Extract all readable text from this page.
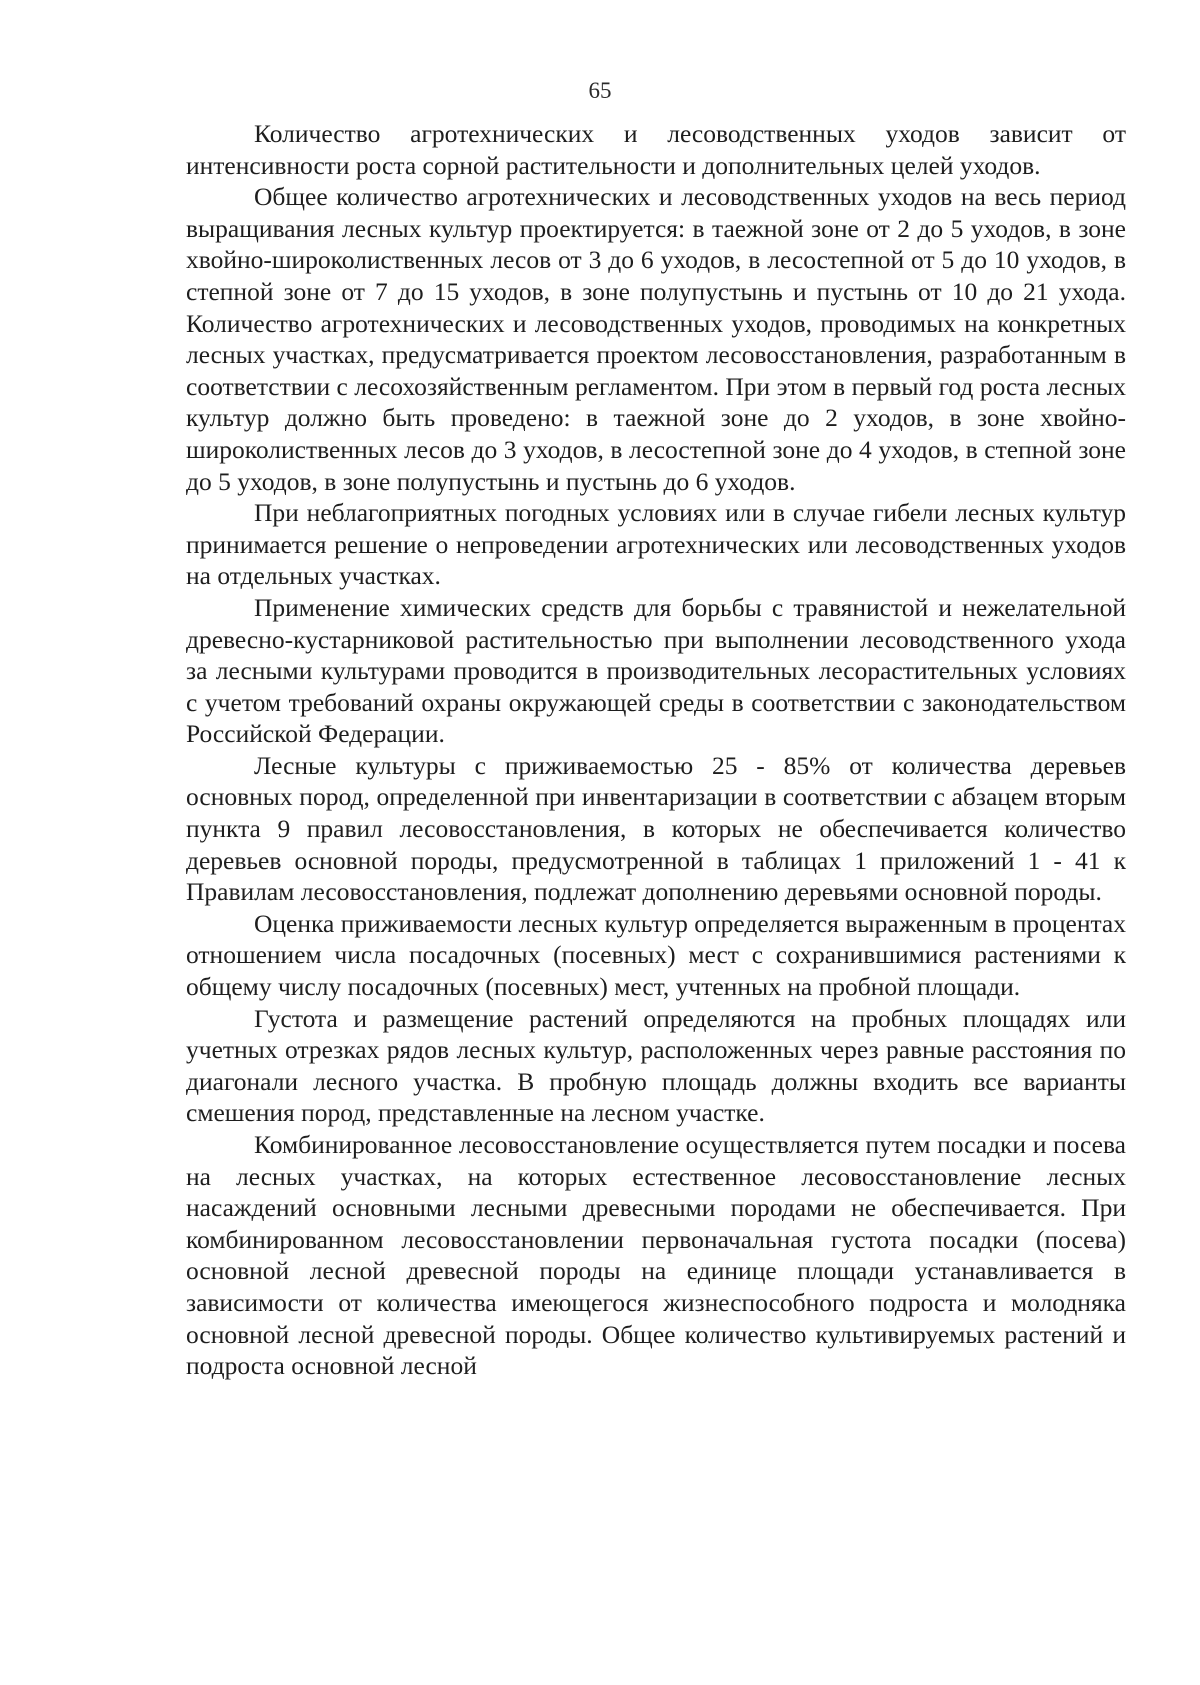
65

Количество агротехнических и лесоводственных уходов зависит от интенсивности роста сорной растительности и дополнительных целей уходов.

Общее количество агротехнических и лесоводственных уходов на весь период выращивания лесных культур проектируется: в таежной зоне от 2 до 5 уходов, в зоне хвойно-широколиственных лесов от 3 до 6 уходов, в лесостепной от 5 до 10 уходов, в степной зоне от 7 до 15 уходов, в зоне полупустынь и пустынь от 10 до 21 ухода. Количество агротехнических и лесоводственных уходов, проводимых на конкретных лесных участках, предусматривается проектом лесовосстановления, разработанным в соответствии с лесохозяйственным регламентом. При этом в первый год роста лесных культур должно быть проведено: в таежной зоне до 2 уходов, в зоне хвойно-широколиственных лесов до 3 уходов, в лесостепной зоне до 4 уходов, в степной зоне до 5 уходов, в зоне полупустынь и пустынь до 6 уходов.

При неблагоприятных погодных условиях или в случае гибели лесных культур принимается решение о непроведении агротехнических или лесоводственных уходов на отдельных участках.

Применение химических средств для борьбы с травянистой и нежелательной древесно-кустарниковой растительностью при выполнении лесоводственного ухода за лесными культурами проводится в производительных лесорастительных условиях с учетом требований охраны окружающей среды в соответствии с законодательством Российской Федерации.

Лесные культуры с приживаемостью 25 - 85% от количества деревьев основных пород, определенной при инвентаризации в соответствии с абзацем вторым пункта 9 правил лесовосстановления, в которых не обеспечивается количество деревьев основной породы, предусмотренной в таблицах 1 приложений 1 - 41 к Правилам лесовосстановления, подлежат дополнению деревьями основной породы.

Оценка приживаемости лесных культур определяется выраженным в процентах отношением числа посадочных (посевных) мест с сохранившимися растениями к общему числу посадочных (посевных) мест, учтенных на пробной площади.

Густота и размещение растений определяются на пробных площадях или учетных отрезках рядов лесных культур, расположенных через равные расстояния по диагонали лесного участка. В пробную площадь должны входить все варианты смешения пород, представленные на лесном участке.

Комбинированное лесовосстановление осуществляется путем посадки и посева на лесных участках, на которых естественное лесовосстановление лесных насаждений основными лесными древесными породами не обеспечивается. При комбинированном лесовосстановлении первоначальная густота посадки (посева) основной лесной древесной породы на единице площади устанавливается в зависимости от количества имеющегося жизнеспособного подроста и молодняка основной лесной древесной породы. Общее количество культивируемых растений и подроста основной лесной
